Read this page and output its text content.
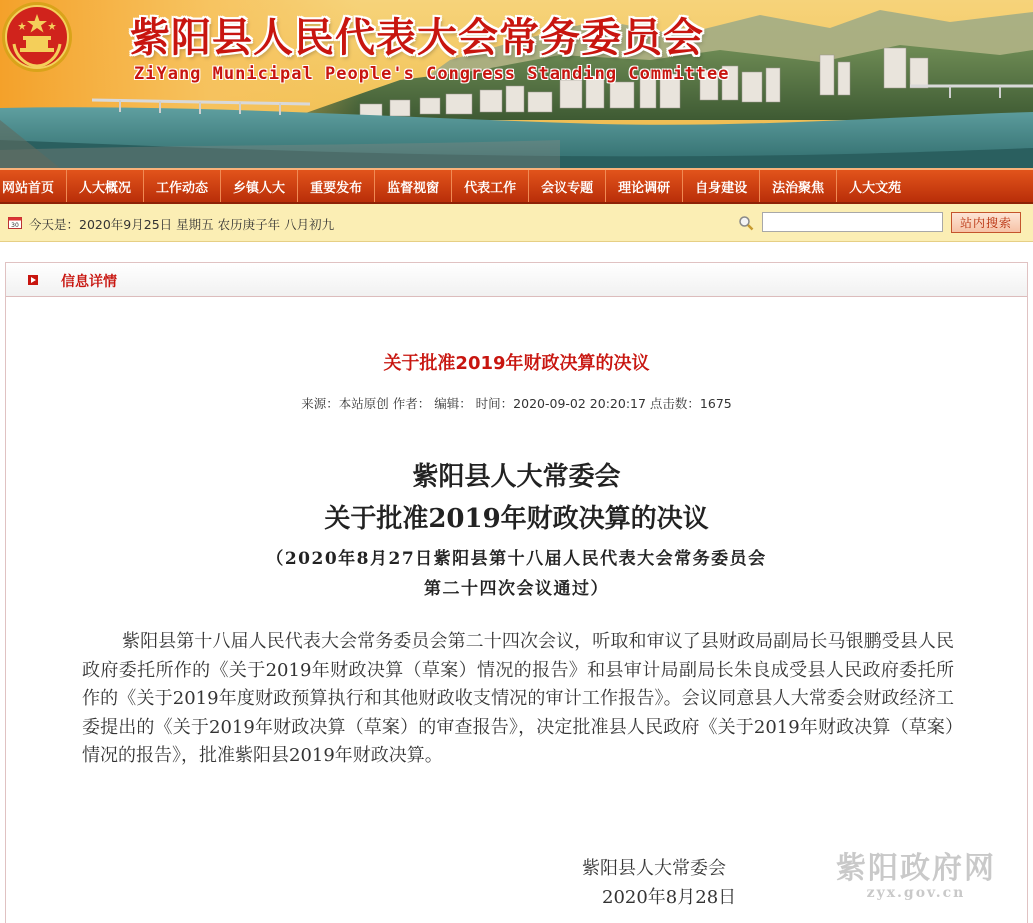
紫阳县人民代表大会常务委员会
ZiYang Municipal People's Congress Standing Committee
网站首页	人大概况	工作动态	乡镇人大	重要发布	监督视窗	代表工作	会议专题	理论调研	自身建设	法治聚焦	人大文苑
30 今天是：2020年9月25日 星期五 农历庚子年 八月初九	站内搜索
信息详情
关于批准2019年财政决算的决议
来源：本站原创 作者： 编辑： 时间：2020-09-02 20:20:17 点击数：1675
紫阳县人大常委会
关于批准2019年财政决算的决议
（2020年8月27日紫阳县第十八届人民代表大会常务委员会
第二十四次会议通过）

紫阳县第十八届人民代表大会常务委员会第二十四次会议，听取和审议了县财政局副局长马银鹏受县人民政府委托所作的《关于2019年财政决算（草案）情况的报告》和县审计局副局长朱良成受县人民政府委托所作的《关于2019年度财政预算执行和其他财政收支情况的审计工作报告》。会议同意县人大常委会财政经济工委提出的《关于2019年财政决算（草案）的审查报告》，决定批准县人民政府《关于2019年财政决算（草案）情况的报告》，批准紫阳县2019年财政决算。

紫阳县人大常委会
2020年8月28日
紫阳政府网
zyx.gov.cn
